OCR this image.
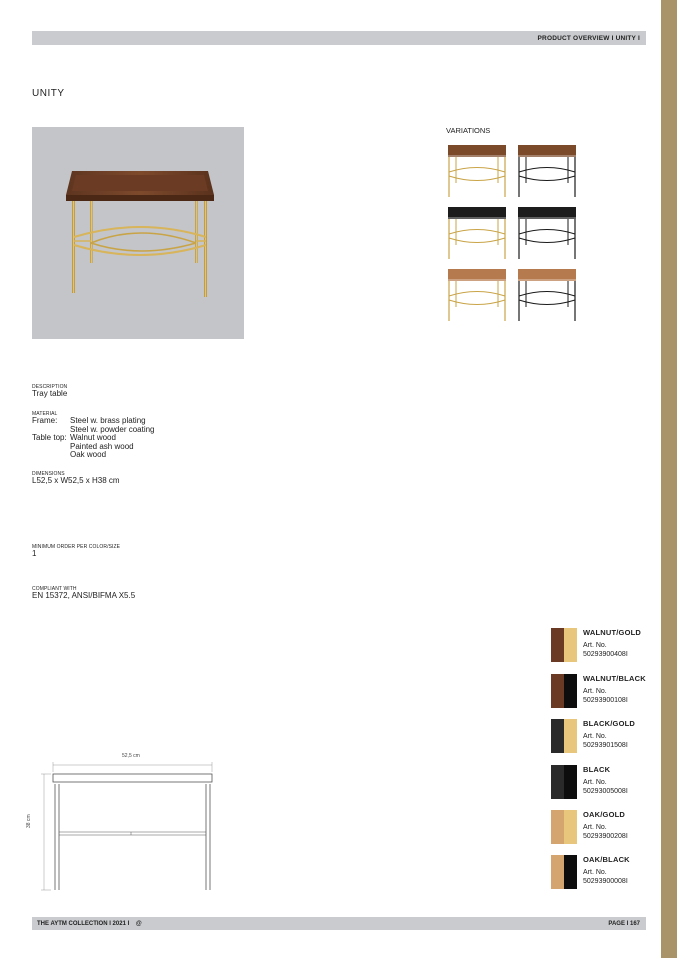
PRODUCT OVERVIEW I UNITY I
UNITY
VARIATIONS
DESCRIPTION
Tray table
MATERIAL
Frame: Steel w. brass plating
Steel w. powder coating
Table top: Walnut wood
Painted ash wood
Oak wood
DIMENSIONS
L52,5 x W52,5 x H38 cm
MINIMUM ORDER PER COLOR/SIZE
1
COMPLIANT WITH
EN 15372, ANSI/BIFMA X5.5
WALNUT/GOLD
Art. No.
50293900408I
WALNUT/BLACK
Art. No.
50293900108I
BLACK/GOLD
Art. No.
50293901508I
BLACK
Art. No.
50293005008I
OAK/GOLD
Art. No.
50293900208I
OAK/BLACK
Art. No.
50293900008I
52,5 cm
38 cm
THE AYTM COLLECTION I 2021 I @	PAGE I 167
